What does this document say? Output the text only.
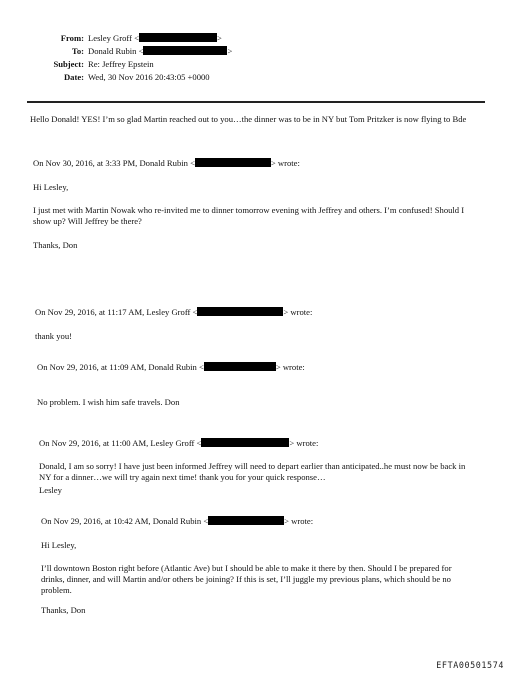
From: Lesley Groff <	>
To: Donald Rubin <	>
Subject: Re: Jeffrey Epstein
Date: Wed, 30 Nov 2016 20:43:05 +0000
Hello Donald! YES! I’m so glad Martin reached out to you…the dinner was to be in NY but Tom Pritzker is now flying to Bde
On Nov 30, 2016, at 3:33 PM, Donald Rubin <	> wrote:
Hi Lesley,
I just met with Martin Nowak who re-invited me to dinner tomorrow evening with Jeffrey and others. I’m confused! Should I show up? Will Jeffrey be there?
Thanks, Don
On Nov 29, 2016, at 11:17 AM, Lesley Groff <	> wrote:
thank you!
On Nov 29, 2016, at 11:09 AM, Donald Rubin <	> wrote:
No problem. I wish him safe travels. Don
On Nov 29, 2016, at 11:00 AM, Lesley Groff <	> wrote:
Donald, I am so sorry! I have just been informed Jeffrey will need to depart earlier than anticipated..he must now be back in NY for a dinner…we will try again next time! thank you for your quick response…
Lesley
On Nov 29, 2016, at 10:42 AM, Donald Rubin <	> wrote:
Hi Lesley,
I’ll downtown Boston right before (Atlantic Ave) but I should be able to make it there by then. Should I be prepared for drinks, dinner, and will Martin and/or others be joining? If this is set, I’ll juggle my previous plans, which should be no problem.
Thanks, Don
EFTA00501574
